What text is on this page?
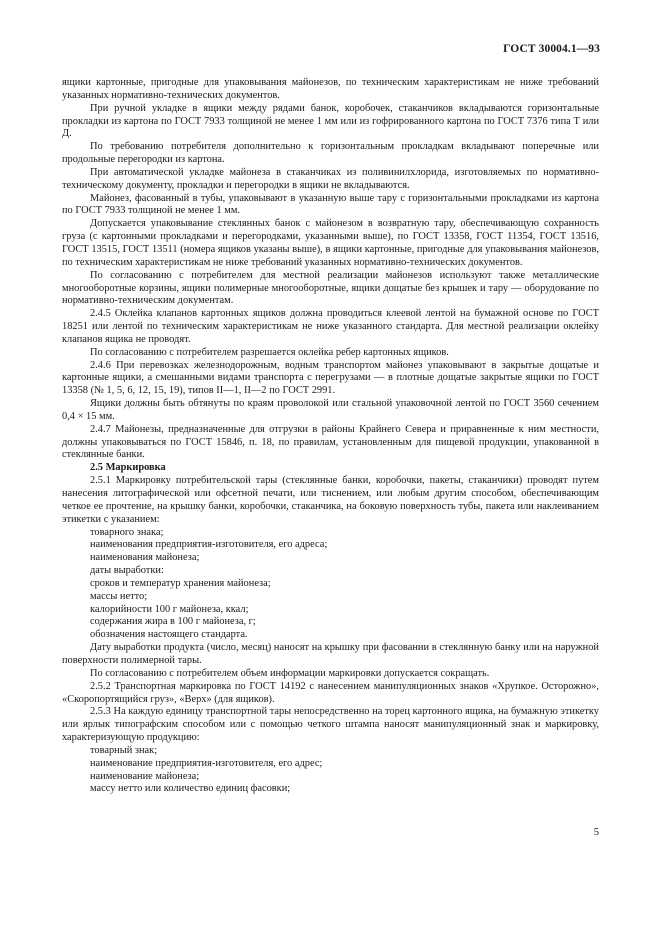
ГОСТ 30004.1—93

ящики картонные, пригодные для упаковывания майонезов, по техническим характеристикам не ниже требований указанных нормативно-технических документов.

При ручной укладке в ящики между рядами банок, коробочек, стаканчиков вкладываются горизонтальные прокладки из картона по ГОСТ 7933 толщиной не менее 1 мм или из гофрированного картона по ГОСТ 7376 типа Т или Д.

По требованию потребителя дополнительно к горизонтальным прокладкам вкладывают поперечные или продольные перегородки из картона.

При автоматической укладке майонеза в стаканчиках из поливинилхлорида, изготовляемых по нормативно-техническому документу, прокладки и перегородки в ящики не вкладываются.

Майонез, фасованный в тубы, упаковывают в указанную выше тару с горизонтальными прокладками из картона по ГОСТ 7933 толщиной не менее 1 мм.

Допускается упаковывание стеклянных банок с майонезом в возвратную тару, обеспечивающую сохранность груза (с картонными прокладками и перегородками, указанными выше), по ГОСТ 13358, ГОСТ 11354, ГОСТ 13516, ГОСТ 13515, ГОСТ 13511 (номера ящиков указаны выше), в ящики картонные, пригодные для упаковывания майонезов, по техническим характеристикам не ниже требований указанных нормативно-технических документов.

По согласованию с потребителем для местной реализации майонезов используют также металлические многооборотные корзины, ящики полимерные многооборотные, ящики дощатые без крышек и тару — оборудование по нормативно-техническим документам.

2.4.5 Оклейка клапанов картонных ящиков должна проводиться клеевой лентой на бумажной основе по ГОСТ 18251 или лентой по техническим характеристикам не ниже указанного стандарта. Для местной реализации оклейку клапанов ящика не проводят.

По согласованию с потребителем разрешается оклейка ребер картонных ящиков.

2.4.6 При перевозках железнодорожным, водным транспортом майонез упаковывают в закрытые дощатые и картонные ящики, а смешанными видами транспорта с перегрузами — в плотные дощатые закрытые ящики по ГОСТ 13358 (№ 1, 5, 6, 12, 15, 19), типов II—1, II—2 по ГОСТ 2991.

Ящики должны быть обтянуты по краям проволокой или стальной упаковочной лентой по ГОСТ 3560 сечением 0,4 × 15 мм.

2.4.7 Майонезы, предназначенные для отгрузки в районы Крайнего Севера и приравненные к ним местности, должны упаковываться по ГОСТ 15846, п. 18, по правилам, установленным для пищевой продукции, упакованной в стеклянные банки.

2.5 Маркировка

2.5.1 Маркировку потребительской тары (стеклянные банки, коробочки, пакеты, стаканчики) проводят путем нанесения литографической или офсетной печати, или тиснением, или любым другим способом, обеспечивающим четкое ее прочтение, на крышку банки, коробочки, стаканчика, на боковую поверхность тубы, пакета или наклеиванием этикетки с указанием:

товарного знака;

наименования предприятия-изготовителя, его адреса;

наименования майонеза;

даты выработки:

сроков и температур хранения майонеза;

массы нетто;

калорийности 100 г майонеза, ккал;

содержания жира в 100 г майонеза, г;

обозначения настоящего стандарта.

Дату выработки продукта (число, месяц) наносят на крышку при фасовании в стеклянную банку или на наружной поверхности полимерной тары.

По согласованию с потребителем объем информации маркировки допускается сокращать.

2.5.2 Транспортная маркировка по ГОСТ 14192 с нанесением манипуляционных знаков «Хрупкое. Осторожно», «Скоропортящийся груз», «Верх» (для ящиков).

2.5.3 На каждую единицу транспортной тары непосредственно на торец картонного ящика, на бумажную этикетку или ярлык типографским способом или с помощью четкого штампа наносят манипуляционный знак и маркировку, характеризующую продукцию:

товарный знак;

наименование предприятия-изготовителя, его адрес;

наименование майонеза;

массу нетто или количество единиц фасовки;

5
